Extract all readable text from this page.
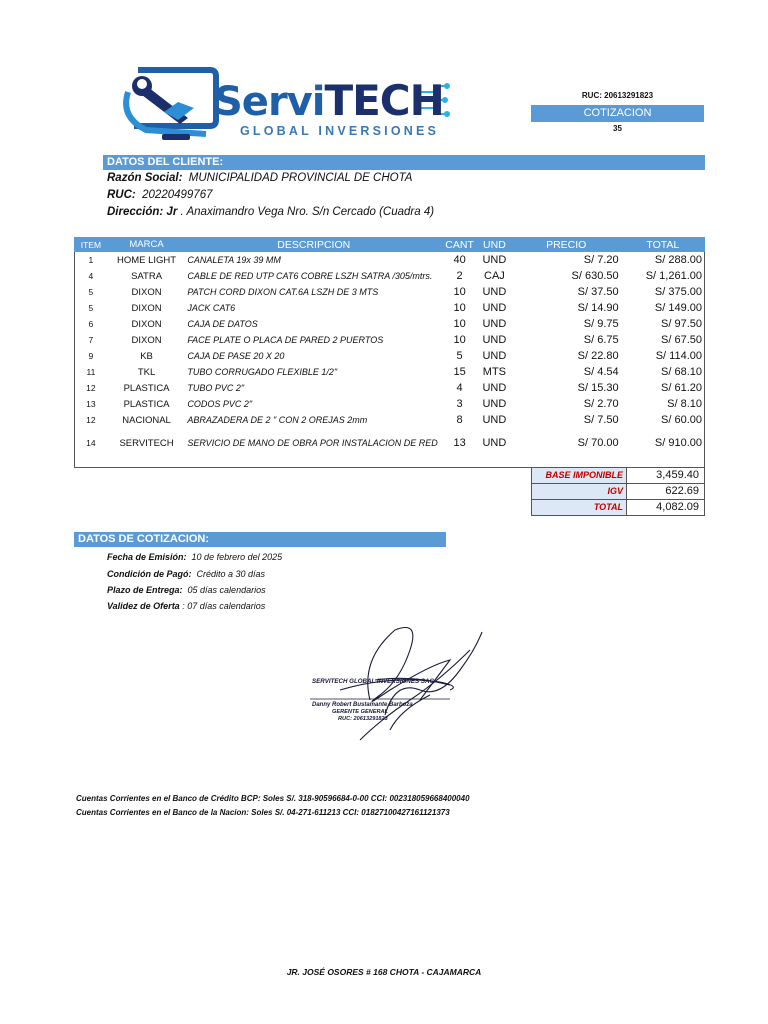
ServiTECH
GLOBAL INVERSIONES
RUC: 20613291823
COTIZACION
35
DATOS DEL CLIENTE:
Razón Social: MUNICIPALIDAD PROVINCIAL DE CHOTA
RUC: 20220499767
Dirección: Jr . Anaximandro Vega Nro. S/n Cercado (Cuadra 4)
ITEM	MARCA	DESCRIPCION	CANT	UND	PRECIO	TOTAL
1	HOME LIGHT	CANALETA 19x 39 MM	40	UND	S/ 7.20	S/ 288.00
4	SATRA	CABLE DE RED UTP CAT6 COBRE LSZH SATRA /305/mtrs.	2	CAJ	S/ 630.50	S/ 1,261.00
5	DIXON	PATCH CORD DIXON CAT.6A LSZH DE 3 MTS	10	UND	S/ 37.50	S/ 375.00
5	DIXON	JACK CAT6	10	UND	S/ 14.90	S/ 149.00
6	DIXON	CAJA DE DATOS	10	UND	S/ 9.75	S/ 97.50
7	DIXON	FACE PLATE O PLACA DE PARED 2 PUERTOS	10	UND	S/ 6.75	S/ 67.50
9	KB	CAJA DE PASE 20 X 20	5	UND	S/ 22.80	S/ 114.00
11	TKL	TUBO CORRUGADO FLEXIBLE 1/2"	15	MTS	S/ 4.54	S/ 68.10
12	PLASTICA	TUBO PVC 2"	4	UND	S/ 15.30	S/ 61.20
13	PLASTICA	CODOS PVC 2"	3	UND	S/ 2.70	S/ 8.10
12	NACIONAL	ABRAZADERA DE 2 " CON 2 OREJAS 2mm	8	UND	S/ 7.50	S/ 60.00
14	SERVITECH	SERVICIO DE MANO DE OBRA POR INSTALACION DE RED	13	UND	S/ 70.00	S/ 910.00
BASE IMPONIBLE	3,459.40
IGV	622.69
TOTAL	4,082.09
DATOS DE COTIZACION:
Fecha de Emisión: 10 de febrero del 2025
Condición de Pagó: Crédito a 30 días
Plazo de Entrega: 05 días calendarios
Validez de Oferta : 07 días calendarios
SERVITECH GLOBAL INVERSIONES SAC
Danny Robert Bustamante Barboza
GERENTE GENERAL
RUC: 20613291823
Cuentas Corrientes en el Banco de Crédito BCP: Soles S/. 318-90596684-0-00 CCI: 00231805966840004​0
Cuentas Corrientes en el Banco de la Nacion: Soles S/. 04-271-611213 CCI: 01827100427161121373
JR. JOSÉ OSORES # 168 CHOTA - CAJAMARCA
